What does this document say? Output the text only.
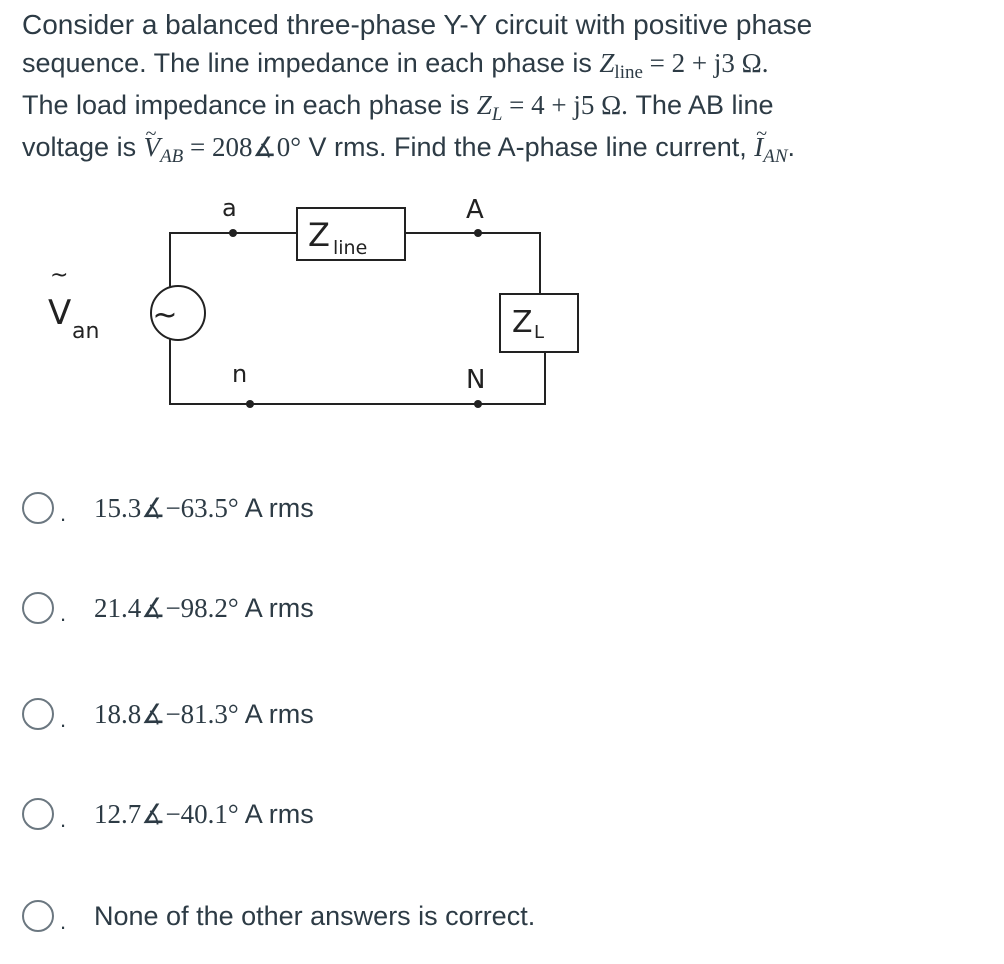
Consider a balanced three-phase Y-Y circuit with positive phase
sequence. The line impedance in each phase is $Z_{line} = 2 + j3$ Ω.
The load impedance in each phase is $Z_L = 4 + j5$ Ω. The AB line
voltage is ~ $V_{AB}$ = 208∡0° V rms. Find the A-phase line current, ~ $I_{AN}$.
a	A
n	N
Z line
Z L
~
~
V an
.	15.3∡−63.5° A rms
.	21.4∡−98.2° A rms
.	18.8∡−81.3° A rms
.	12.7∡−40.1° A rms
.	None of the other answers is correct.
